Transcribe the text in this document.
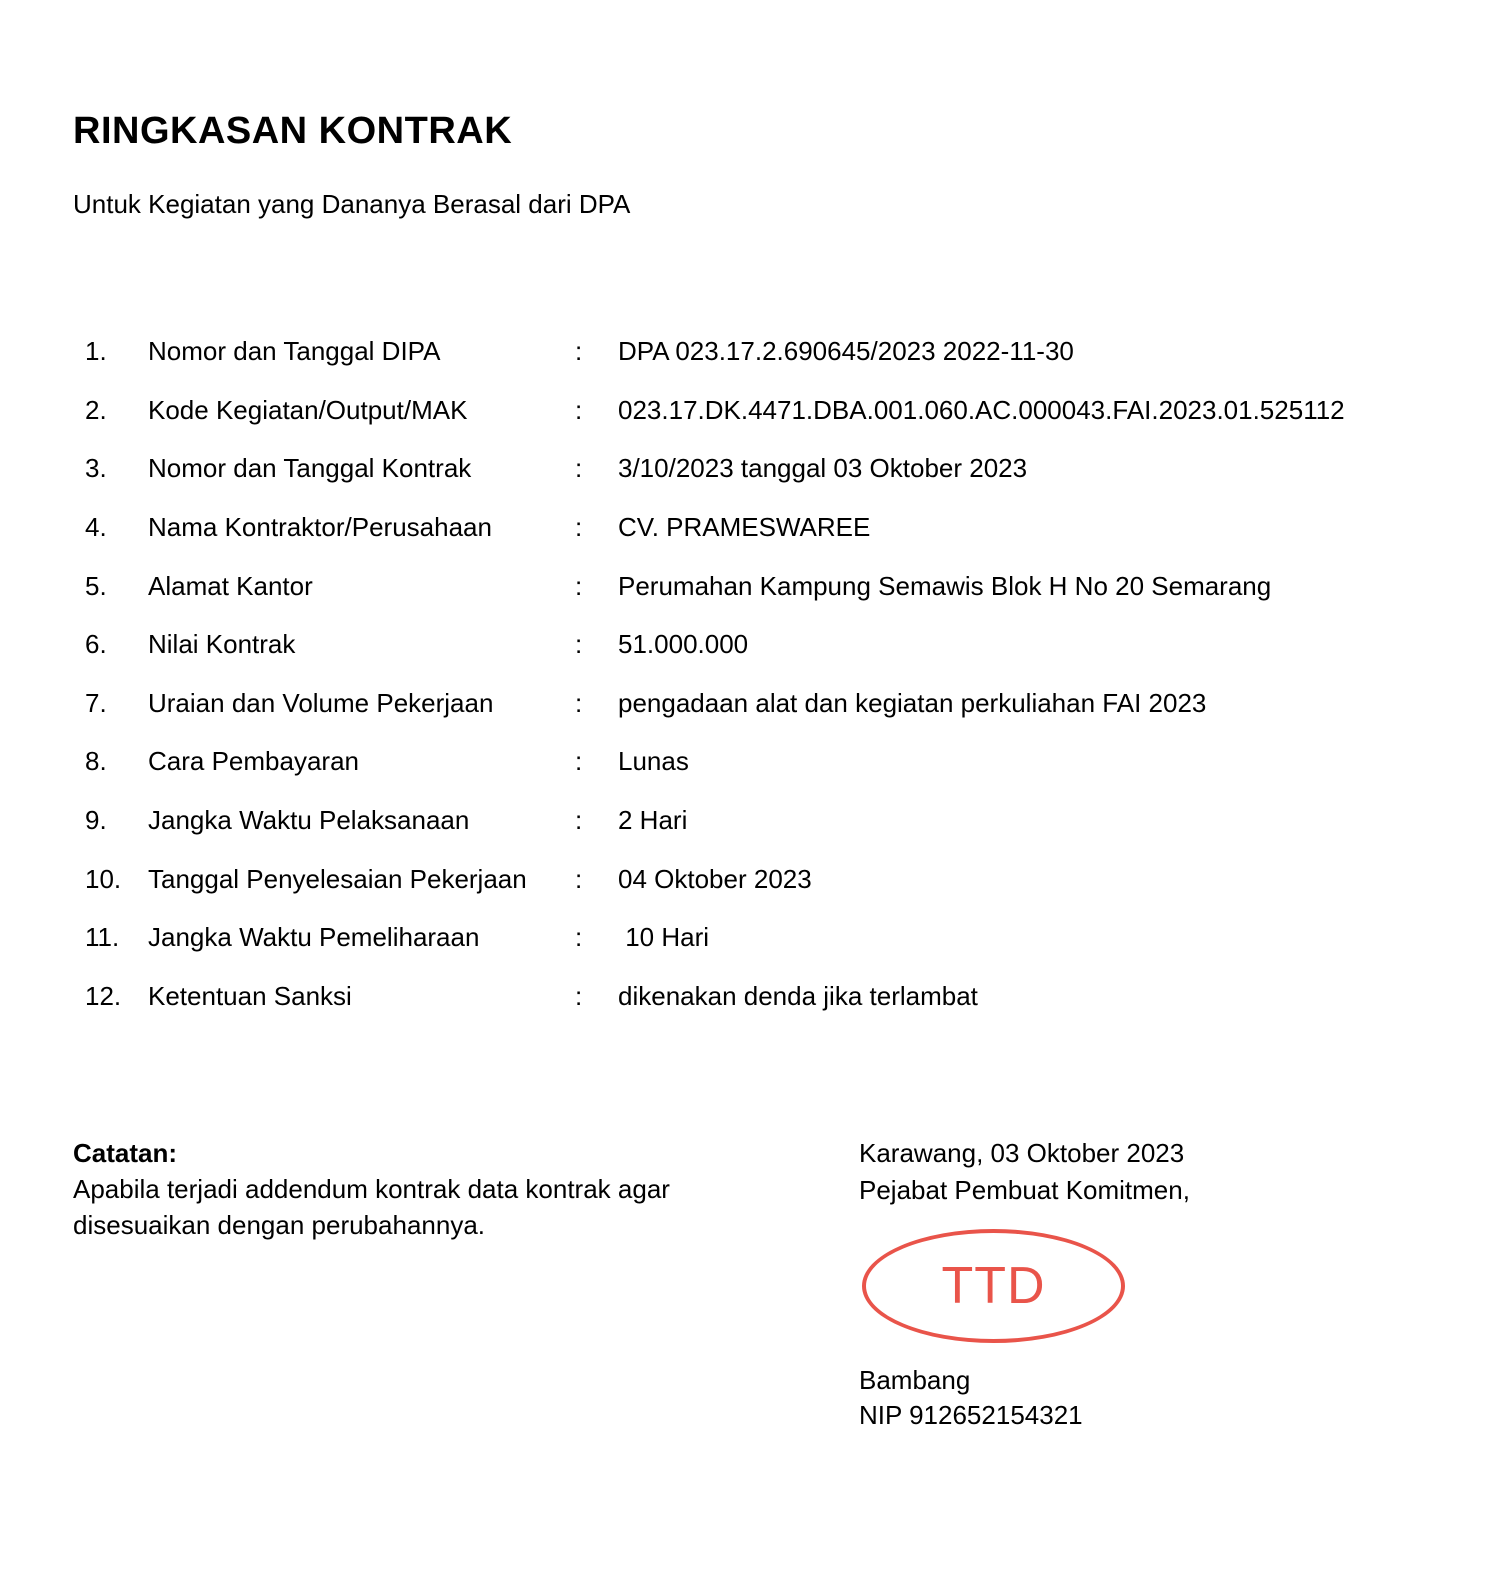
RINGKASAN KONTRAK

Untuk Kegiatan yang Dananya Berasal dari DPA

1.	Nomor dan Tanggal DIPA	:	DPA 023.17.2.690645/2023 2022-11-30
2.	Kode Kegiatan/Output/MAK	:	023.17.DK.4471.DBA.001.060.AC.000043.FAI.2023.01.525112
3.	Nomor dan Tanggal Kontrak	:	3/10/2023 tanggal 03 Oktober 2023
4.	Nama Kontraktor/Perusahaan	:	CV. PRAMESWAREE
5.	Alamat Kantor	:	Perumahan Kampung Semawis Blok H No 20 Semarang
6.	Nilai Kontrak	:	51.000.000
7.	Uraian dan Volume Pekerjaan	:	pengadaan alat dan kegiatan perkuliahan FAI 2023
8.	Cara Pembayaran	:	Lunas
9.	Jangka Waktu Pelaksanaan	:	2 Hari
10.	Tanggal Penyelesaian Pekerjaan	:	04 Oktober 2023
11.	Jangka Waktu Pemeliharaan	:	10 Hari
12.	Ketentuan Sanksi	:	dikenakan denda jika terlambat

Catatan:

Apabila terjadi addendum kontrak data kontrak agar disesuaikan dengan perubahannya.

Karawang, 03 Oktober 2023

Pejabat Pembuat Komitmen,

TTD

Bambang

NIP 912652154321
